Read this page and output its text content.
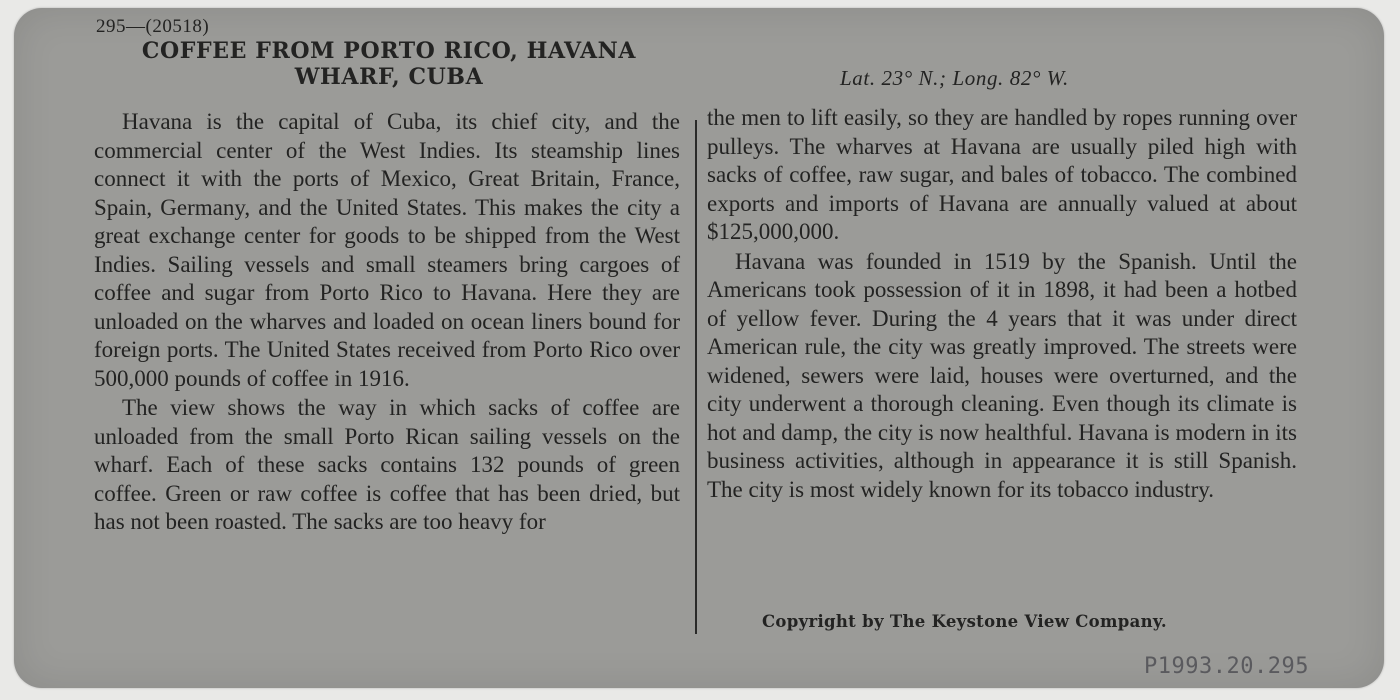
295—(20518)
COFFEE FROM PORTO RICO, HAVANA
WHARF, CUBA	Lat. 23° N.; Long. 82° W.

Havana is the capital of Cuba, its chief city, and the commercial center of the West Indies. Its steamship lines connect it with the ports of Mexico, Great Britain, France, Spain, Germany, and the United States. This makes the city a great exchange center for goods to be shipped from the West Indies. Sailing vessels and small steamers bring cargoes of coffee and sugar from Porto Rico to Havana. Here they are unloaded on the wharves and loaded on ocean liners bound for foreign ports. The United States received from Porto Rico over 500,000 pounds of coffee in 1916.

The view shows the way in which sacks of coffee are unloaded from the small Porto Rican sailing vessels on the wharf. Each of these sacks contains 132 pounds of green coffee. Green or raw coffee is coffee that has been dried, but has not been roasted. The sacks are too heavy for

the men to lift easily, so they are handled by ropes running over pulleys. The wharves at Havana are usually piled high with sacks of coffee, raw sugar, and bales of tobacco. The combined exports and imports of Havana are annually valued at about $125,000,000.

Havana was founded in 1519 by the Spanish. Until the Americans took possession of it in 1898, it had been a hotbed of yellow fever. During the 4 years that it was under direct American rule, the city was greatly improved. The streets were widened, sewers were laid, houses were overturned, and the city underwent a thorough cleaning. Even though its climate is hot and damp, the city is now healthful. Havana is modern in its business activities, although in appearance it is still Spanish. The city is most widely known for its tobacco industry.

Copyright by The Keystone View Company.
P1993.20.295
